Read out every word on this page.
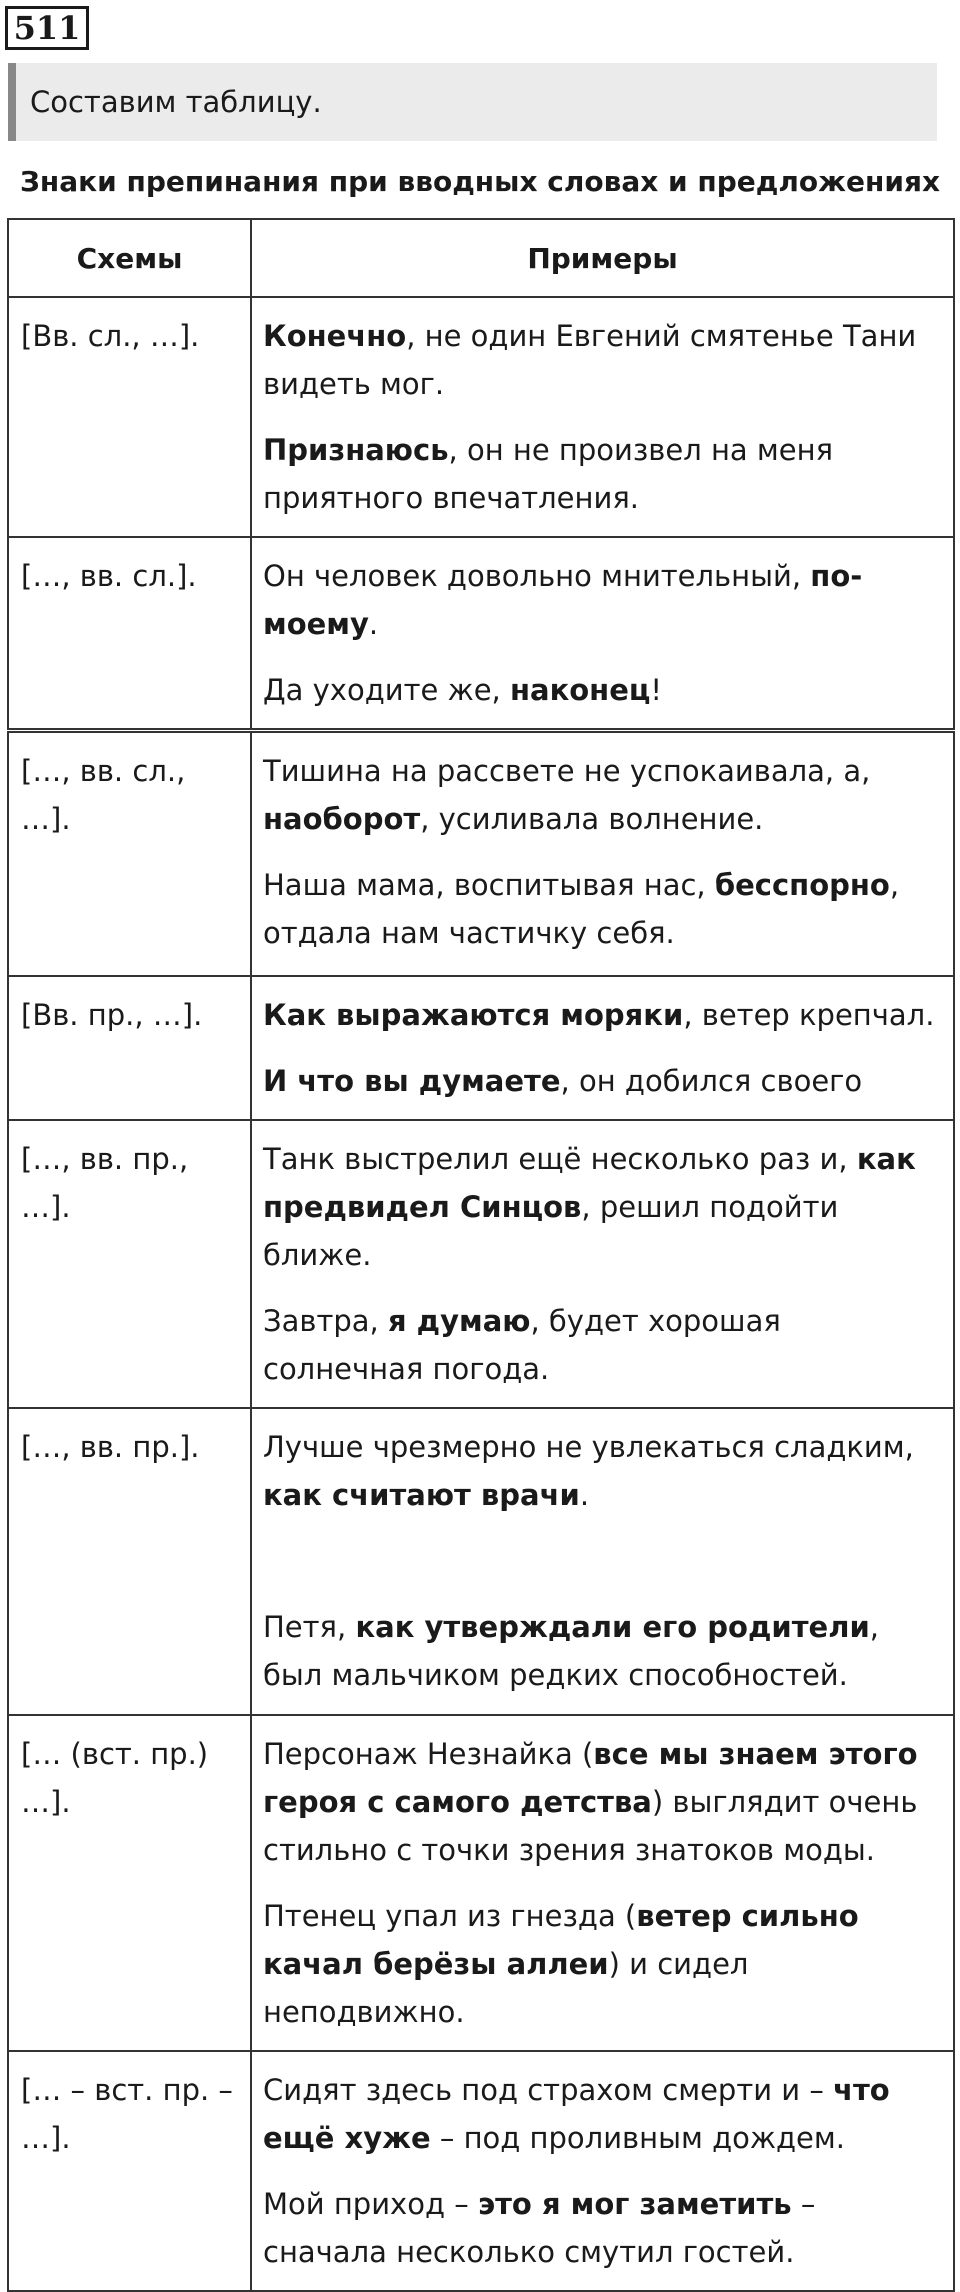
511
Составим таблицу.
Знаки препинания при вводных словах и предложениях
Схемы	Примеры
[Вв. сл., …].	Конечно, не один Евгений смятенье Тани видеть мог.

Признаюсь, он не произвел на меня приятного впечатления.

[…, вв. сл.].	Он человек довольно мнительный, по-моему.

Да уходите же, наконец!

[…, вв. сл., …].	Тишина на рассвете не успокаивала, а, наоборот, усиливала волнение.

Наша мама, воспитывая нас, бесспорно, отдала нам частичку себя.

[Вв. пр., …].	Как выражаются моряки, ветер крепчал.

И что вы думаете, он добился своего

[…, вв. пр., …].	Танк выстрелил ещё несколько раз и, как предвидел Синцов, решил подойти ближе.

Завтра, я думаю, будет хорошая солнечная погода.

[…, вв. пр.].	Лучше чрезмерно не увлекаться сладким, как считают врачи.

Петя, как утверждали его родители, был мальчиком редких способностей.

[… (вст. пр.) …].	Персонаж Незнайка (все мы знаем этого героя с самого детства) выглядит очень стильно с точки зрения знатоков моды.

Птенец упал из гнезда (ветер сильно качал берёзы аллеи) и сидел неподвижно.

[… – вст. пр. – …].	Сидят здесь под страхом смерти и – что ещё хуже – под проливным дождем.

Мой приход – это я мог заметить – сначала несколько смутил гостей.
